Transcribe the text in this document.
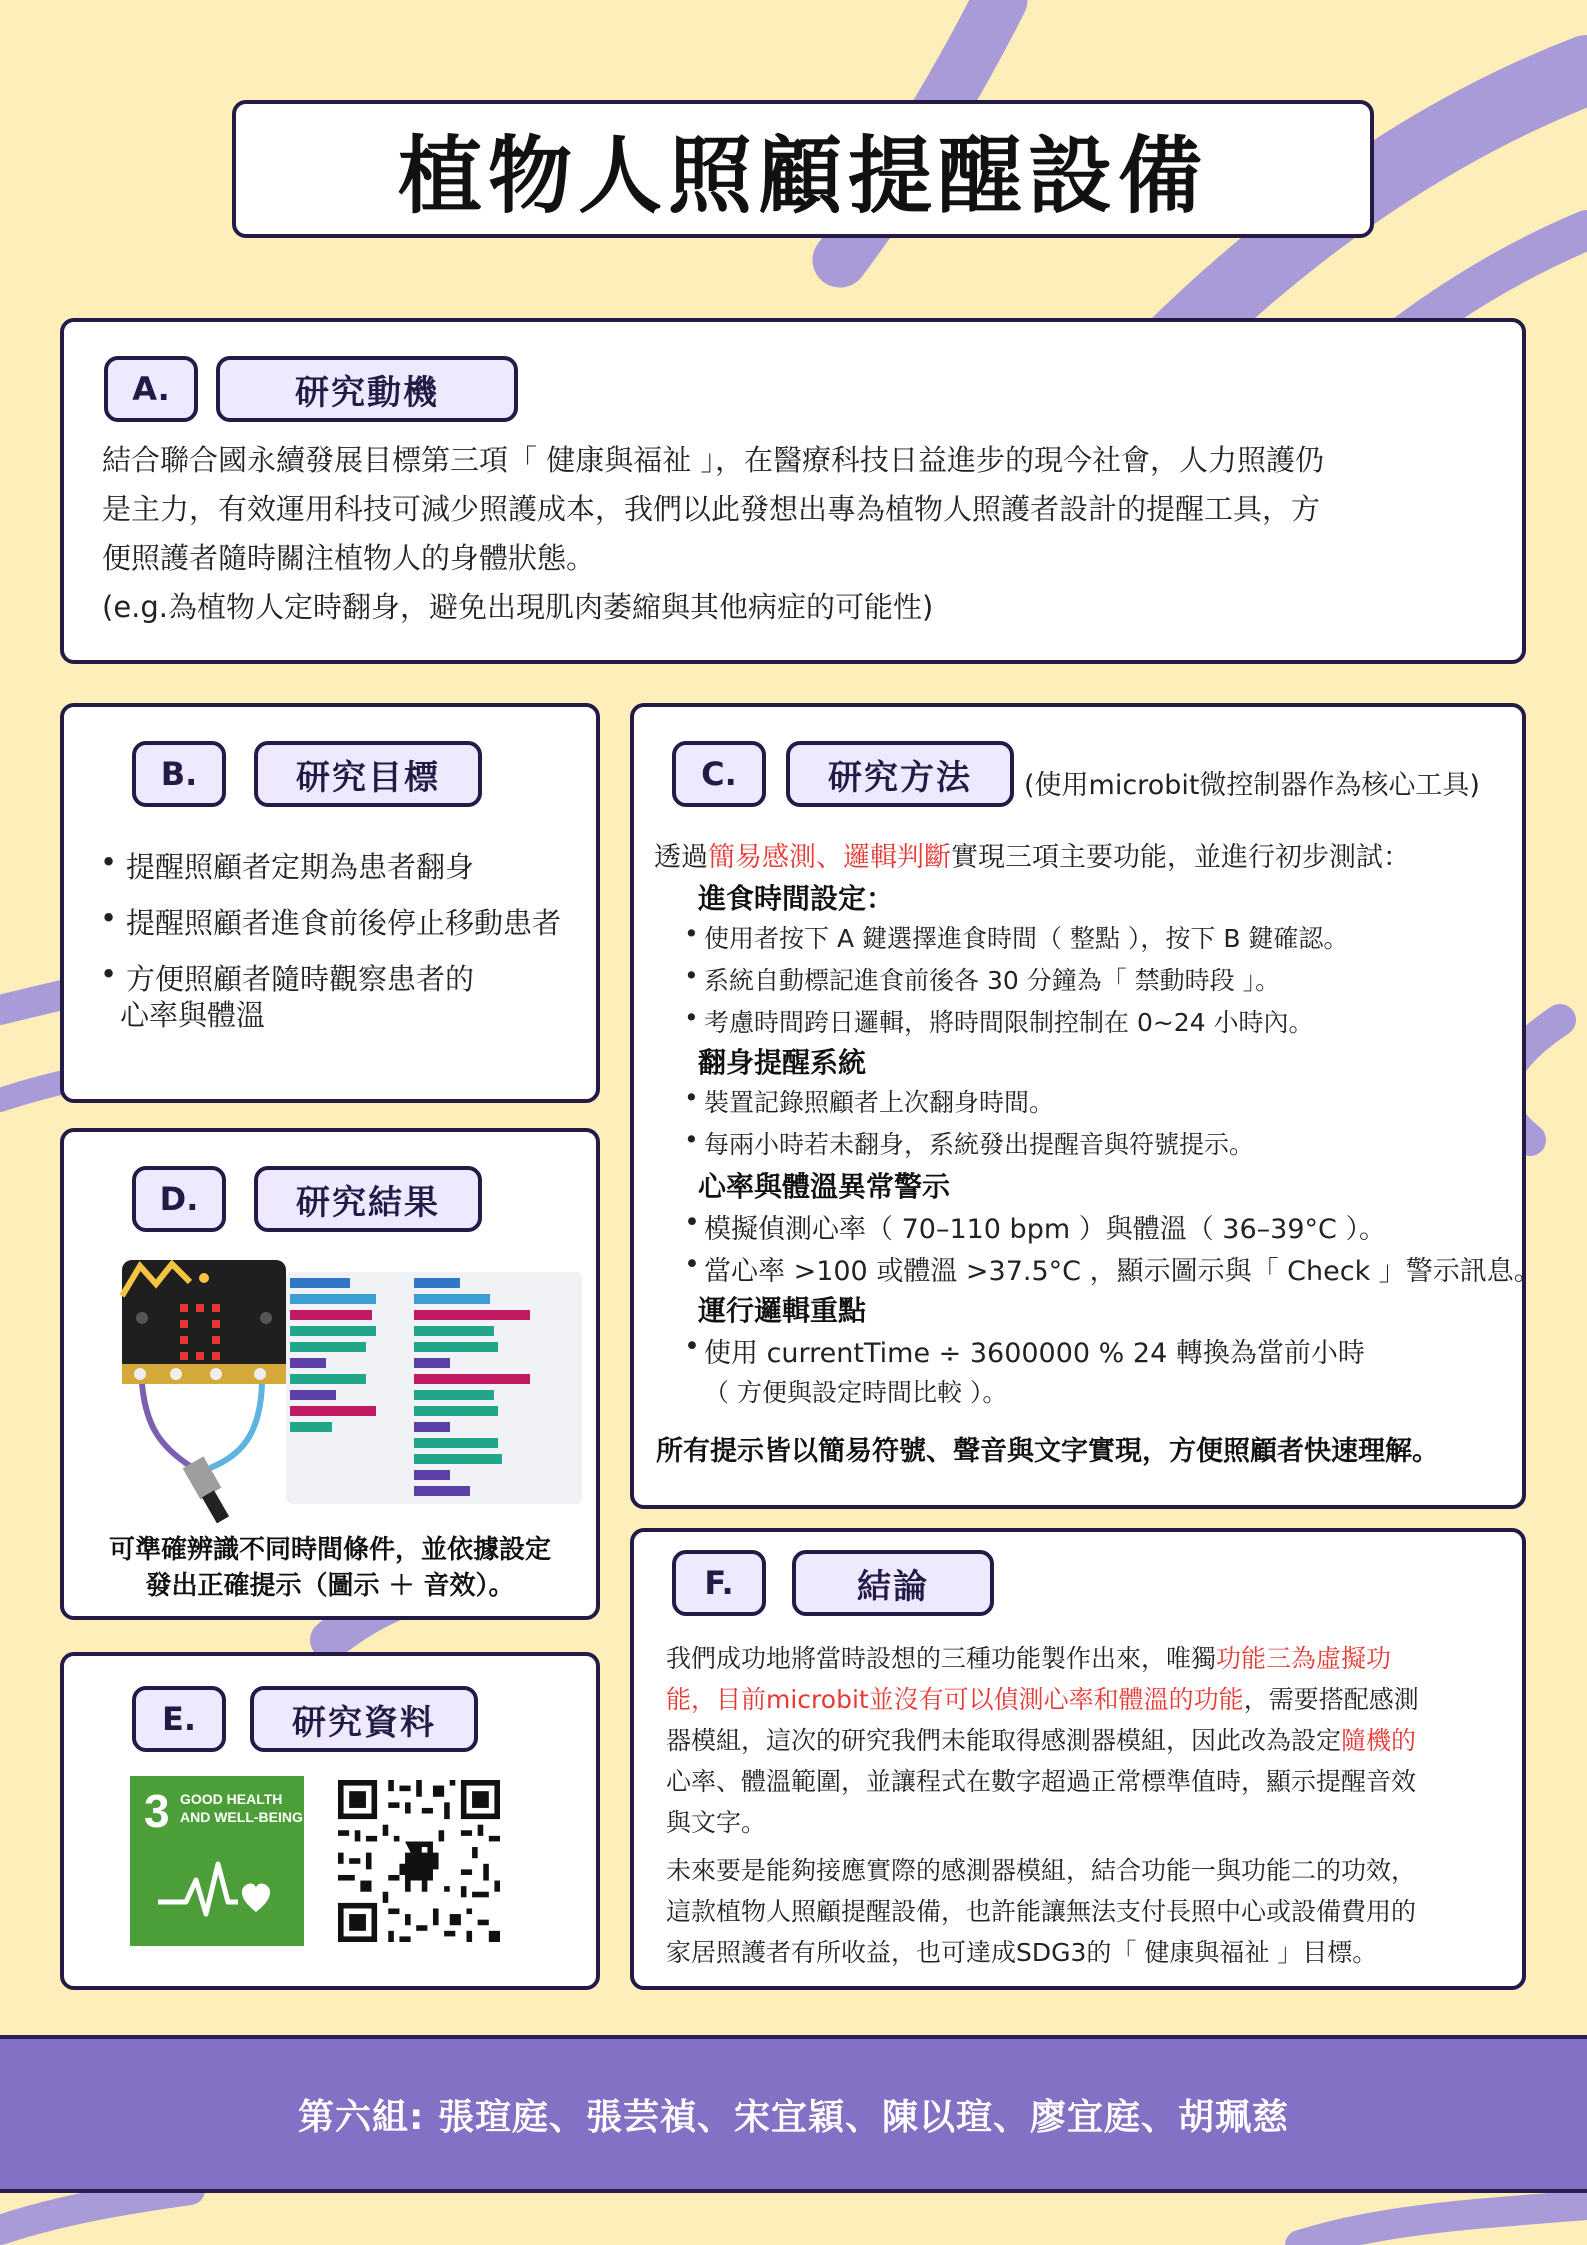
植物人照顧提醒設備
A.	研究動機
結合聯合國永續發展目標第三項「 健康與福祉 」，在醫療科技日益進步的現今社會，人力照護仍
是主力，有效運用科技可減少照護成本，我們以此發想出專為植物人照護者設計的提醒工具，方
便照護者隨時關注植物人的身體狀態。
(e.g.為植物人定時翻身，避免出現肌肉萎縮與其他病症的可能性)
B.	研究目標
• 提醒照顧者定期為患者翻身
• 提醒照顧者進食前後停止移動患者
• 方便照顧者隨時觀察患者的
心率與體溫
C.	研究方法	(使用microbit微控制器作為核心工具)
透過簡易感測、邏輯判斷實現三項主要功能，並進行初步測試：
進食時間設定：
• 使用者按下 A 鍵選擇進食時間（ 整點 ），按下 B 鍵確認。
• 系統自動標記進食前後各 30 分鐘為「 禁動時段 」。
• 考慮時間跨日邏輯，將時間限制控制在 0~24 小時內。
翻身提醒系統
• 裝置記錄照顧者上次翻身時間。
• 每兩小時若未翻身，系統發出提醒音與符號提示。
心率與體溫異常警示
• 模擬偵測心率（ 70–110 bpm ）與體溫（ 36–39°C ）。
• 當心率 >100 或體溫 >37.5°C ，顯示圖示與「 Check 」警示訊息。
運行邏輯重點
• 使用 currentTime ÷ 3600000 % 24 轉換為當前小時
（ 方便與設定時間比較 ）。
所有提示皆以簡易符號、聲音與文字實現，方便照顧者快速理解。
D.	研究結果
可準確辨識不同時間條件，並依據設定
發出正確提示（圖示 ＋ 音效）。
E.	研究資料
3 GOOD HEALTH
AND WELL-BEING
F.	結論
我們成功地將當時設想的三種功能製作出來，唯獨功能三為虛擬功
能，目前microbit並沒有可以偵測心率和體溫的功能，需要搭配感測
器模組，這次的研究我們未能取得感測器模組，因此改為設定隨機的
心率、體溫範圍，並讓程式在數字超過正常標準值時，顯示提醒音效
與文字。
未來要是能夠接應實際的感測器模組，結合功能一與功能二的功效，
這款植物人照顧提醒設備，也許能讓無法支付長照中心或設備費用的
家居照護者有所收益，也可達成SDG3的「 健康與福祉 」目標。
第六組: 張瑄庭、張芸禎、宋宜穎、陳以瑄、廖宜庭、胡珮慈
